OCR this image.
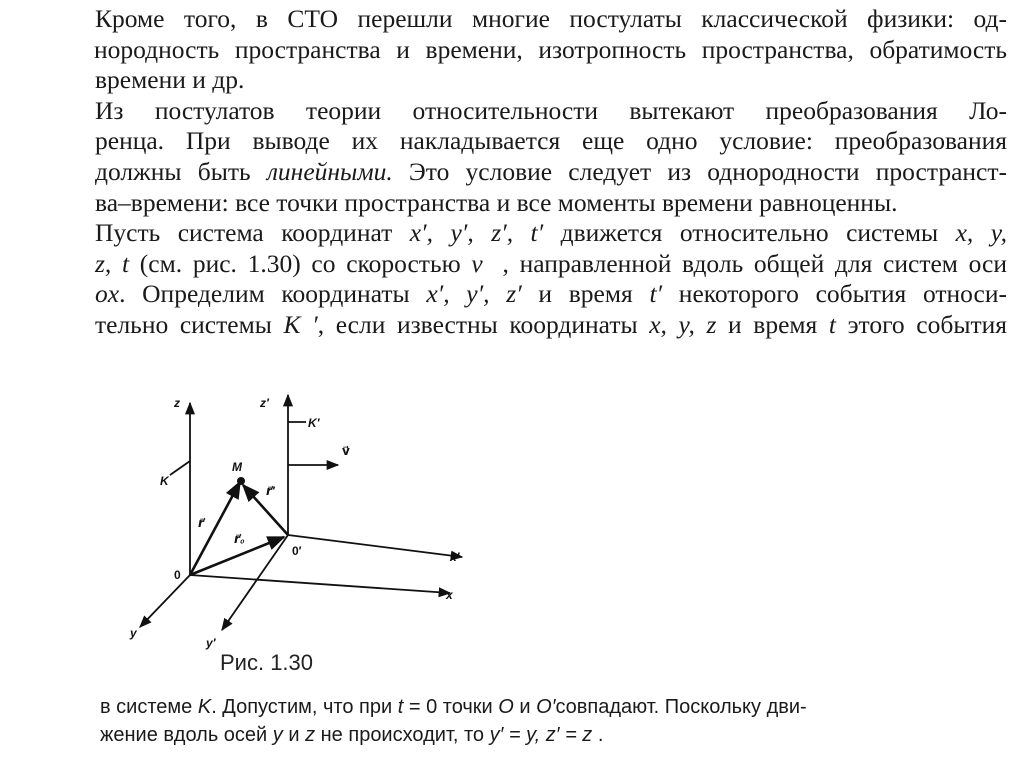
Кроме того, в СТО перешли многие постулаты классической физики: од-
нородность пространства и времени, изотропность пространства, обратимость
времени и др.
Из постулатов теории относительности вытекают преобразования Ло-
ренца. При выводе их накладывается еще одно условие: преобразования
должны быть линейными. Это условие следует из однородности пространст-
ва–времени: все точки пространства и все моменты времени равноценны.
Пусть система координат x′, y′, z′, t′ движется относительно системы x, y,
z, t (см. рис. 1.30) со скоростью v⃗, направленной вдоль общей для систем оси
ox. Определим координаты x′, y′, z′ и время t′ некоторого события относи-
тельно системы K ′, если известны координаты x, y, z и время t этого события
z	z′
K′
v⃗
K
M
r⃗′
r⃗
r⃗₀
0
0′	x′
x
y
y′
Рис. 1.30
в системе K. Допустим, что при t = 0 точки O и O′совпадают. Поскольку дви-
жение вдоль осей y и z не происходит, то y′ = y, z′ = z .
